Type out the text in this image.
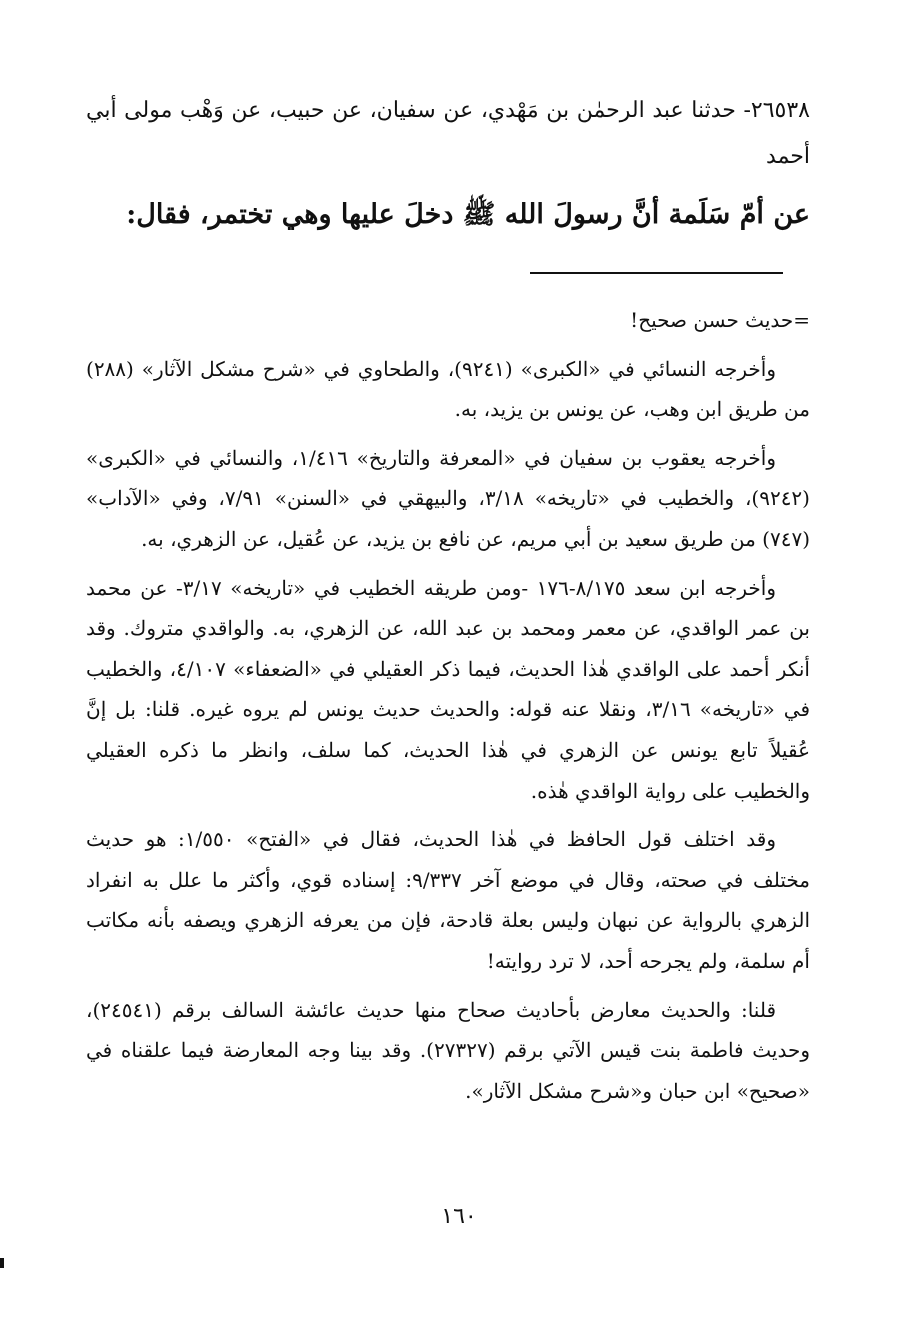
٢٦٥٣٨- حدثنا عبد الرحمٰن بن مَهْدي، عن سفيان، عن حبيب، عن وَهْب مولى أبي أحمد

عن أمّ سَلَمة أنَّ رسولَ الله ﷺ دخلَ عليها وهي تختمر، فقال:

=حديث حسن صحيح!

وأخرجه النسائي في «الكبرى» (٩٢٤١)، والطحاوي في «شرح مشكل الآثار» (٢٨٨) من طريق ابن وهب، عن يونس بن يزيد، به.

وأخرجه يعقوب بن سفيان في «المعرفة والتاريخ» ١/٤١٦، والنسائي في «الكبرى» (٩٢٤٢)، والخطيب في «تاريخه» ٣/١٨، والبيهقي في «السنن» ٧/٩١، وفي «الآداب» (٧٤٧) من طريق سعيد بن أبي مريم، عن نافع بن يزيد، عن عُقيل، عن الزهري، به.

وأخرجه ابن سعد ٨/١٧٥-١٧٦ -ومن طريقه الخطيب في «تاريخه» ٣/١٧- عن محمد بن عمر الواقدي، عن معمر ومحمد بن عبد الله، عن الزهري، به. والواقدي متروك. وقد أنكر أحمد على الواقدي هٰذا الحديث، فيما ذكر العقيلي في «الضعفاء» ٤/١٠٧، والخطيب في «تاريخه» ٣/١٦، ونقلا عنه قوله: والحديث حديث يونس لم يروه غيره. قلنا: بل إنَّ عُقيلاً تابع يونس عن الزهري في هٰذا الحديث، كما سلف، وانظر ما ذكره العقيلي والخطيب على رواية الواقدي هٰذه.

وقد اختلف قول الحافظ في هٰذا الحديث، فقال في «الفتح» ١/٥٥٠: هو حديث مختلف في صحته، وقال في موضع آخر ٩/٣٣٧: إسناده قوي، وأكثر ما علل به انفراد الزهري بالرواية عن نبهان وليس بعلة قادحة، فإن من يعرفه الزهري ويصفه بأنه مكاتب أم سلمة، ولم يجرحه أحد، لا ترد روايته!

قلنا: والحديث معارض بأحاديث صحاح منها حديث عائشة السالف برقم (٢٤٥٤١)، وحديث فاطمة بنت قيس الآتي برقم (٢٧٣٢٧). وقد بينا وجه المعارضة فيما علقناه في «صحيح» ابن حبان و«شرح مشكل الآثار».

١٦٠
